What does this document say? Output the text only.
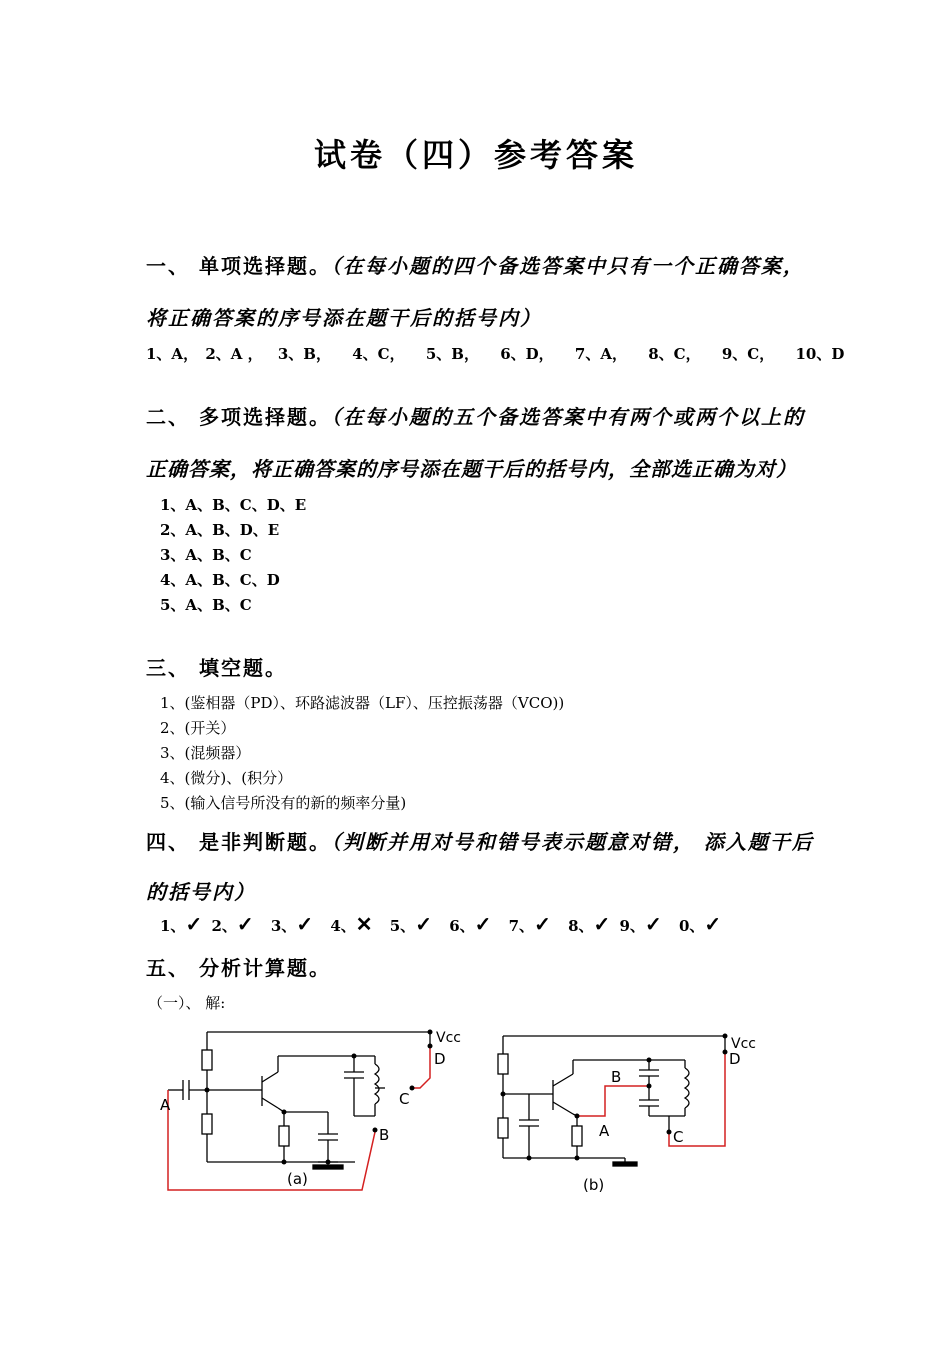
试卷（四）参考答案
一、 单项选择题。（在每小题的四个备选答案中只有一个正确答案，
将正确答案的序号添在题干后的括号内）
1、A， 2、A ， 3、B， 4、C， 5、B， 6、D， 7、A， 8、C， 9、C， 10、D
二、 多项选择题。（在每小题的五个备选答案中有两个或两个以上的
正确答案，将正确答案的序号添在题干后的括号内，全部选正确为对）
1、A、B、C、D、E
2、A、B、D、E
3、A、B、C
4、A、B、C、D
5、A、B、C
三、 填空题。
1、(鉴相器（PD）、环路滤波器（LF）、压控振荡器（VCO))
2、(开关）
3、(混频器）
4、(微分)、(积分）
5、(输入信号所没有的新的频率分量)
四、 是非判断题。（判断并用对号和错号表示题意对错， 添入题干后
的括号内）
1、✓ 2、✓ 3、✓ 4、✕ 5、✓ 6、✓ 7、✓ 8、✓ 9、✓ 0、✓
五、 分析计算题。
（一）、 解:
A
B
C
D
Vcc
(a)
A
B
C
D
Vcc
(b)
